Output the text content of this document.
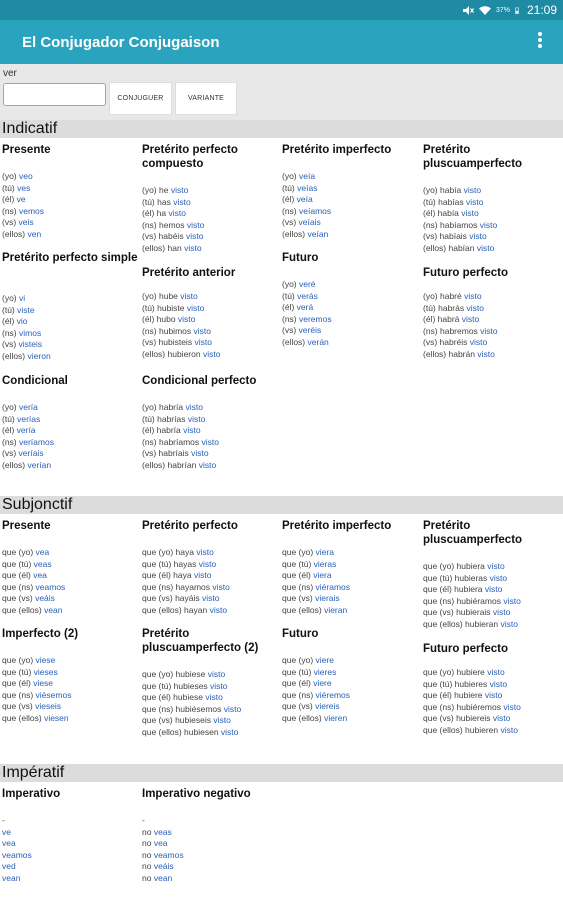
37% 21:09
El Conjugador Conjugaison
ver
CONJUGUER	VARIANTE
Indicatif
Presente
(yo) veo
(tú) ves
(él) ve
(ns) vemos
(vs) veis
(ellos) ven
Pretérito perfecto compuesto
(yo) he visto
(tú) has visto
(él) ha visto
(ns) hemos visto
(vs) habéis visto
(ellos) han visto
Pretérito imperfecto
(yo) veía
(tú) veías
(él) veía
(ns) veíamos
(vs) veíais
(ellos) veían
Pretérito pluscuamperfecto
(yo) había visto
(tú) habías visto
(él) había visto
(ns) habíamos visto
(vs) habíais visto
(ellos) habían visto
Pretérito perfecto simple
(yo) vi
(tú) viste
(él) vio
(ns) vimos
(vs) visteis
(ellos) vieron
Pretérito anterior
(yo) hube visto
(tú) hubiste visto
(él) hubo visto
(ns) hubimos visto
(vs) hubisteis visto
(ellos) hubieron visto
Futuro
(yo) veré
(tú) verás
(él) verá
(ns) veremos
(vs) veréis
(ellos) verán
Futuro perfecto
(yo) habré visto
(tú) habrás visto
(él) habrá visto
(ns) habremos visto
(vs) habréis visto
(ellos) habrán visto
Condicional
(yo) vería
(tú) verías
(él) vería
(ns) veríamos
(vs) veríais
(ellos) verían
Condicional perfecto
(yo) habría visto
(tú) habrías visto
(él) habría visto
(ns) habríamos visto
(vs) habríais visto
(ellos) habrían visto
Subjonctif
Presente
que (yo) vea
que (tú) veas
que (él) vea
que (ns) veamos
que (vs) veáis
que (ellos) vean
Pretérito perfecto
que (yo) haya visto
que (tú) hayas visto
que (él) haya visto
que (ns) hayamos visto
que (vs) hayáis visto
que (ellos) hayan visto
Pretérito imperfecto
que (yo) viera
que (tú) vieras
que (él) viera
que (ns) viéramos
que (vs) vierais
que (ellos) vieran
Pretérito pluscuamperfecto
que (yo) hubiera visto
que (tú) hubieras visto
que (él) hubiera visto
que (ns) hubiéramos visto
que (vs) hubierais visto
que (ellos) hubieran visto
Imperfecto (2)
que (yo) viese
que (tú) vieses
que (él) viese
que (ns) viésemos
que (vs) vieseis
que (ellos) viesen
Pretérito pluscuamperfecto (2)
que (yo) hubiese visto
que (tú) hubieses visto
que (él) hubiese visto
que (ns) hubiésemos visto
que (vs) hubieseis visto
que (ellos) hubiesen visto
Futuro
que (yo) viere
que (tú) vieres
que (él) viere
que (ns) viéremos
que (vs) viereis
que (ellos) vieren
Futuro perfecto
que (yo) hubiere visto
que (tú) hubieres visto
que (él) hubiere visto
que (ns) hubiéremos visto
que (vs) hubiereis visto
que (ellos) hubieren visto
Impératif
Imperativo
-
ve
vea
veamos
ved
vean
Imperativo negativo
-
no veas
no vea
no veamos
no veáis
no vean
